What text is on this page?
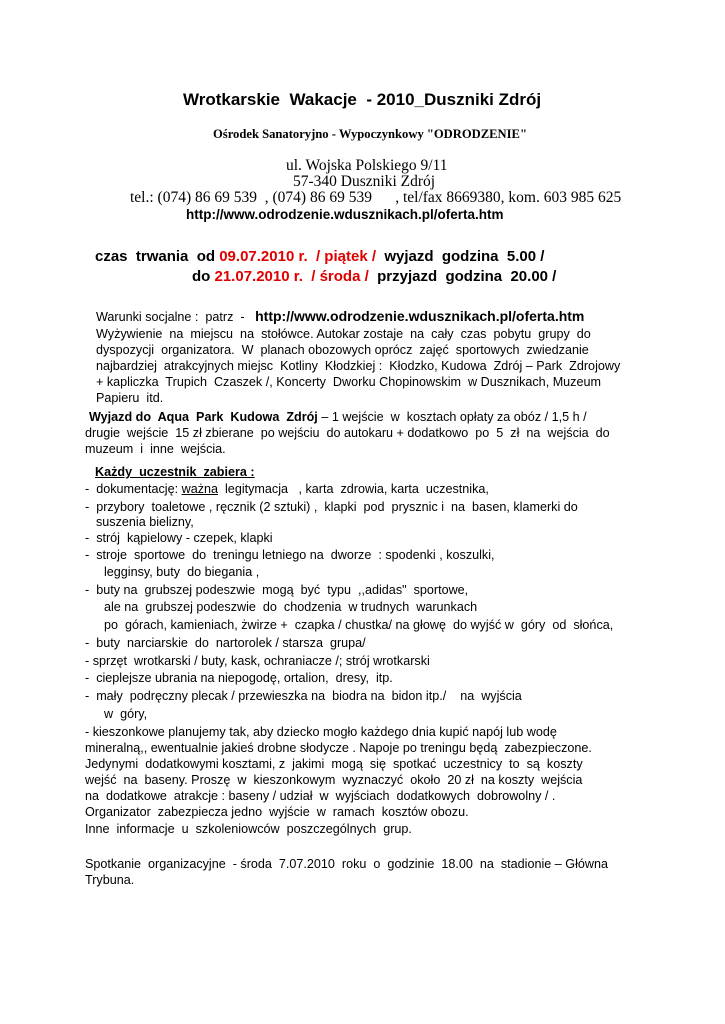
Wrotkarskie  Wakacje  - 2010_Duszniki Zdrój
Ośrodek Sanatoryjno - Wypoczynkowy "ODRODZENIE"
ul. Wojska Polskiego 9/11
57-340 Duszniki Zdrój
tel.: (074) 86 69 539  , (074) 86 69 539      , tel/fax 8669380, kom. 603 985 625
http://www.odrodzenie.wdusznikach.pl/oferta.htm
czas  trwania  od 09.07.2010 r.  / piątek /  wyjazd  godzina  5.00 /
do 21.07.2010 r.  / środa /  przyjazd  godzina  20.00 /
Warunki socjalne :  patrz  -   http://www.odrodzenie.wdusznikach.pl/oferta.htm
Wyżywienie  na  miejscu  na  stołówce. Autokar zostaje  na  cały  czas  pobytu  grupy  do
dyspozycji  organizatora.  W  planach obozowych oprócz  zajęć  sportowych  zwiedzanie
najbardziej  atrakcyjnych miejsc  Kotliny  Kłodzkiej :  Kłodzko, Kudowa  Zdrój – Park  Zdrojowy
+ kapliczka  Trupich  Czaszek /, Koncerty  Dworku Chopinowskim  w Dusznikach, Muzeum
Papieru  itd.
Wyjazd do  Aqua  Park  Kudowa  Zdrój – 1 wejście  w  kosztach opłaty za obóz / 1,5 h /
drugie  wejście  15 zł zbierane  po wejściu  do autokaru + dodatkowo  po  5  zł  na  wejścia  do
muzeum  i  inne  wejścia.
Każdy  uczestnik  zabiera :
-  dokumentację: ważna  legitymacja   , karta  zdrowia, karta  uczestnika,
-  przybory  toaletowe , ręcznik (2 sztuki) ,  klapki  pod  prysznic i  na  basen, klamerki do
suszenia bielizny,
-  strój  kąpielowy - czepek, klapki
-  stroje  sportowe  do  treningu letniego na  dworze  : spodenki , koszulki,
legginsy, buty  do biegania ,
-  buty na  grubszej podeszwie  mogą  być  typu  ,,adidas"  sportowe,
ale na  grubszej podeszwie  do  chodzenia  w trudnych  warunkach
po  górach, kamieniach, żwirze +  czapka / chustka/ na głowę  do wyjść w  góry  od  słońca,
-  buty  narciarskie  do  nartorolek / starsza  grupa/
- sprzęt  wrotkarski / buty, kask, ochraniacze /; strój wrotkarski
-  cieplejsze ubrania na niepogodę, ortalion,  dresy,  itp.
-  mały  podręczny plecak / przewieszka na  biodra na  bidon itp./    na  wyjścia
w  góry,
- kieszonkowe planujemy tak, aby dziecko mogło każdego dnia kupić napój lub wodę
mineralną,, ewentualnie jakieś drobne słodycze . Napoje po treningu będą  zabezpieczone.
Jedynymi  dodatkowymi kosztami, z  jakimi  mogą  się  spotkać  uczestnicy  to  są  koszty
wejść  na  baseny. Proszę  w  kieszonkowym  wyznaczyć  około  20 zł  na koszty  wejścia
na  dodatkowe  atrakcje : baseny / udział  w  wyjściach  dodatkowych  dobrowolny / .
Organizator  zabezpiecza jedno  wyjście  w  ramach  kosztów obozu.
Inne  informacje  u  szkoleniowców  poszczególnych  grup.
Spotkanie  organizacyjne  - środa  7.07.2010  roku  o  godzinie  18.00  na  stadionie – Główna
Trybuna.
